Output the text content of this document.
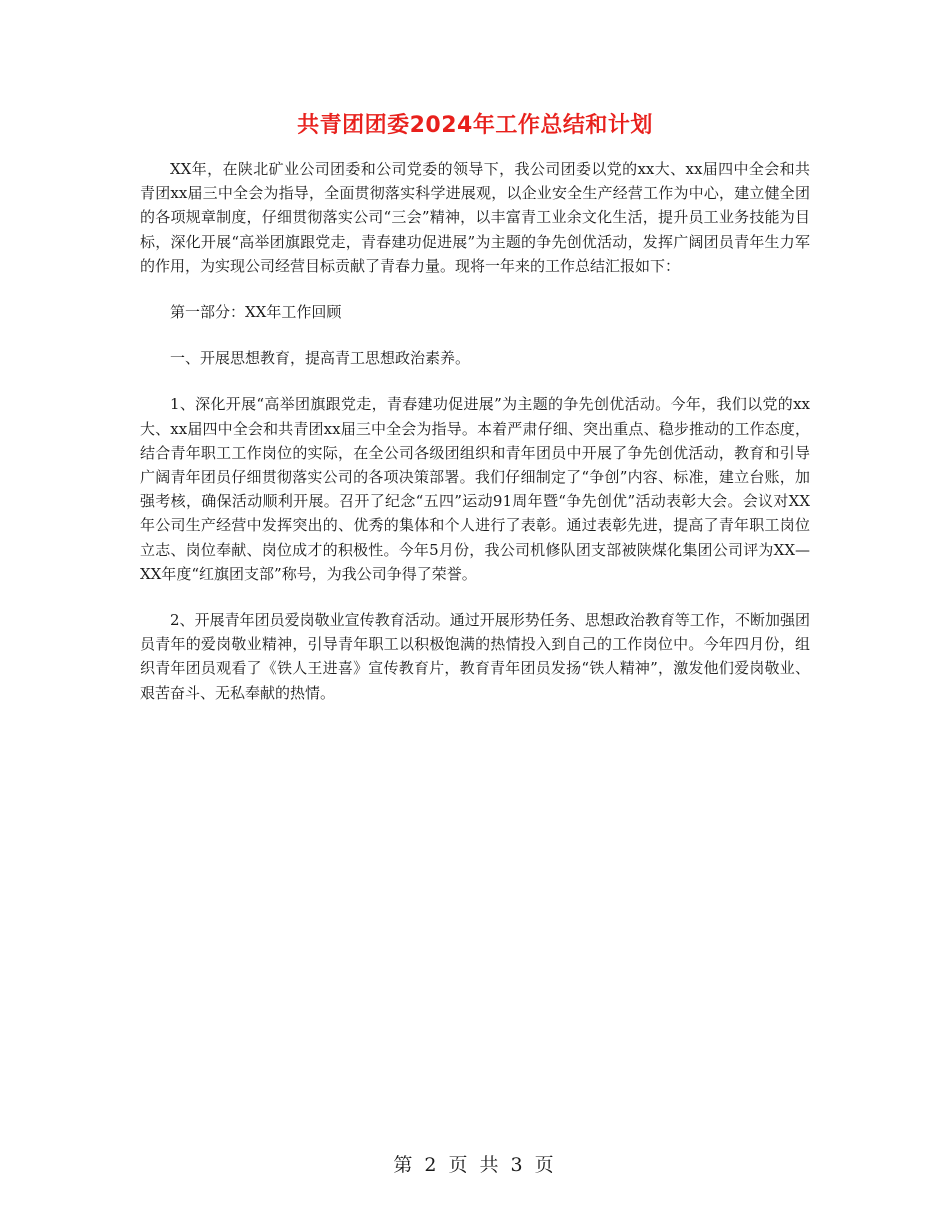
共青团团委2024年工作总结和计划

XX年，在陕北矿业公司团委和公司党委的领导下，我公司团委以党的xx大、xx届四中全会和共青团xx届三中全会为指导，全面贯彻落实科学进展观，以企业安全生产经营工作为中心，建立健全团的各项规章制度，仔细贯彻落实公司“三会”精神，以丰富青工业余文化生活，提升员工业务技能为目标，深化开展“高举团旗跟党走，青春建功促进展”为主题的争先创优活动，发挥广阔团员青年生力军的作用，为实现公司经营目标贡献了青春力量。现将一年来的工作总结汇报如下：

第一部分：XX年工作回顾

一、开展思想教育，提高青工思想政治素养。

1、深化开展“高举团旗跟党走，青春建功促进展”为主题的争先创优活动。今年，我们以党的xx大、xx届四中全会和共青团xx届三中全会为指导。本着严肃仔细、突出重点、稳步推动的工作态度，结合青年职工工作岗位的实际，在全公司各级团组织和青年团员中开展了争先创优活动，教育和引导广阔青年团员仔细贯彻落实公司的各项决策部署。我们仔细制定了“争创”内容、标准，建立台账，加强考核，确保活动顺利开展。召开了纪念“五四”运动91周年暨“争先创优”活动表彰大会。会议对XX年公司生产经营中发挥突出的、优秀的集体和个人进行了表彰。通过表彰先进，提高了青年职工岗位立志、岗位奉献、岗位成才的积极性。今年5月份，我公司机修队团支部被陕煤化集团公司评为XX—XX年度“红旗团支部”称号，为我公司争得了荣誉。

2、开展青年团员爱岗敬业宣传教育活动。通过开展形势任务、思想政治教育等工作，不断加强团员青年的爱岗敬业精神，引导青年职工以积极饱满的热情投入到自己的工作岗位中。今年四月份，组织青年团员观看了《铁人王进喜》宣传教育片，教育青年团员发扬“铁人精神”，激发他们爱岗敬业、艰苦奋斗、无私奉献的热情。

第 2 页 共 3 页
